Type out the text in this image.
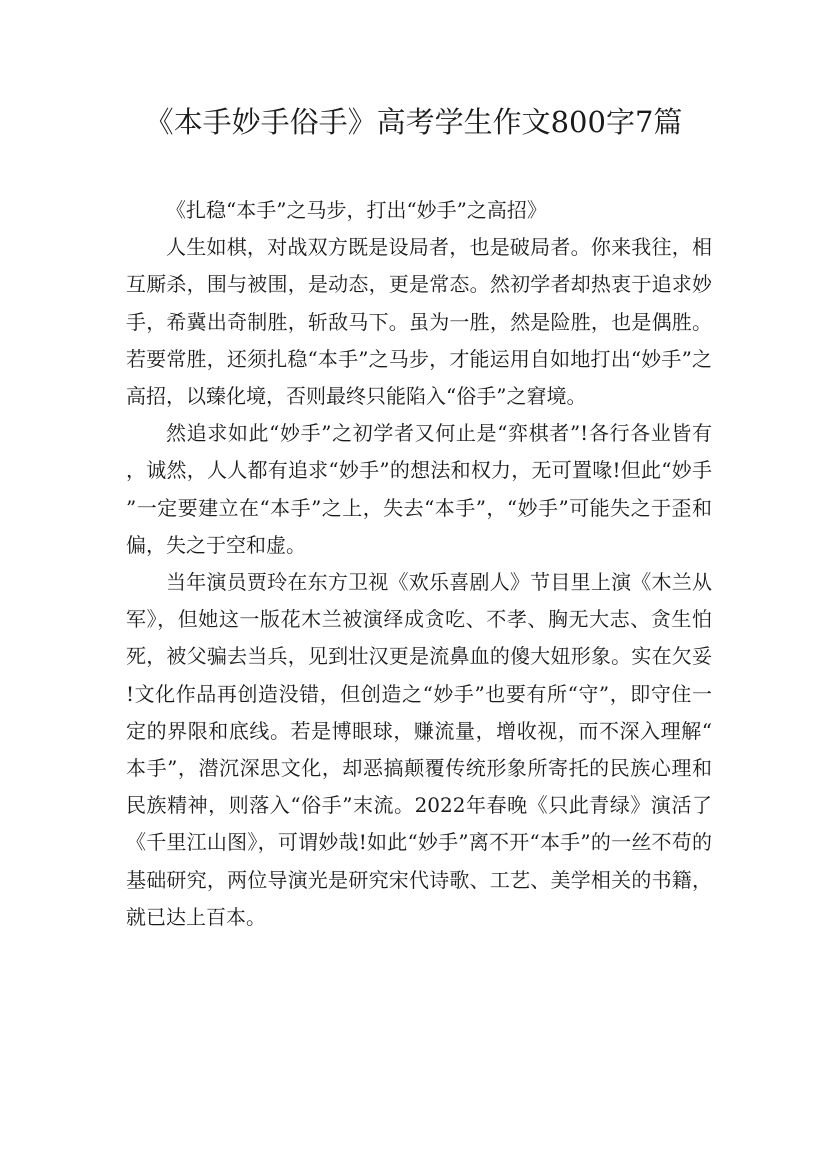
《本手妙手俗手》高考学生作文800字7篇

《扎稳“本手”之马步，打出“妙手”之高招》

人生如棋，对战双方既是设局者，也是破局者。你来我往，相互厮杀，围与被围，是动态，更是常态。然初学者却热衷于追求妙手，希冀出奇制胜，斩敌马下。虽为一胜，然是险胜，也是偶胜。若要常胜，还须扎稳“本手”之马步，才能运用自如地打出“妙手”之高招，以臻化境，否则最终只能陷入“俗手”之窘境。

然追求如此“妙手”之初学者又何止是“弈棋者”!各行各业皆有，诚然，人人都有追求“妙手”的想法和权力，无可置喙!但此“妙手”一定要建立在“本手”之上，失去“本手”，“妙手”可能失之于歪和偏，失之于空和虚。

当年演员贾玲在东方卫视《欢乐喜剧人》节目里上演《木兰从军》，但她这一版花木兰被演绎成贪吃、不孝、胸无大志、贪生怕死，被父骗去当兵，见到壮汉更是流鼻血的傻大妞形象。实在欠妥!文化作品再创造没错，但创造之“妙手”也要有所“守”，即守住一定的界限和底线。若是博眼球，赚流量，增收视，而不深入理解“本手”，潜沉深思文化，却恶搞颠覆传统形象所寄托的民族心理和民族精神，则落入“俗手”末流。2022年春晚《只此青绿》演活了《千里江山图》，可谓妙哉!如此“妙手”离不开“本手”的一丝不苟的基础研究，两位导演光是研究宋代诗歌、工艺、美学相关的书籍，就已达上百本。
